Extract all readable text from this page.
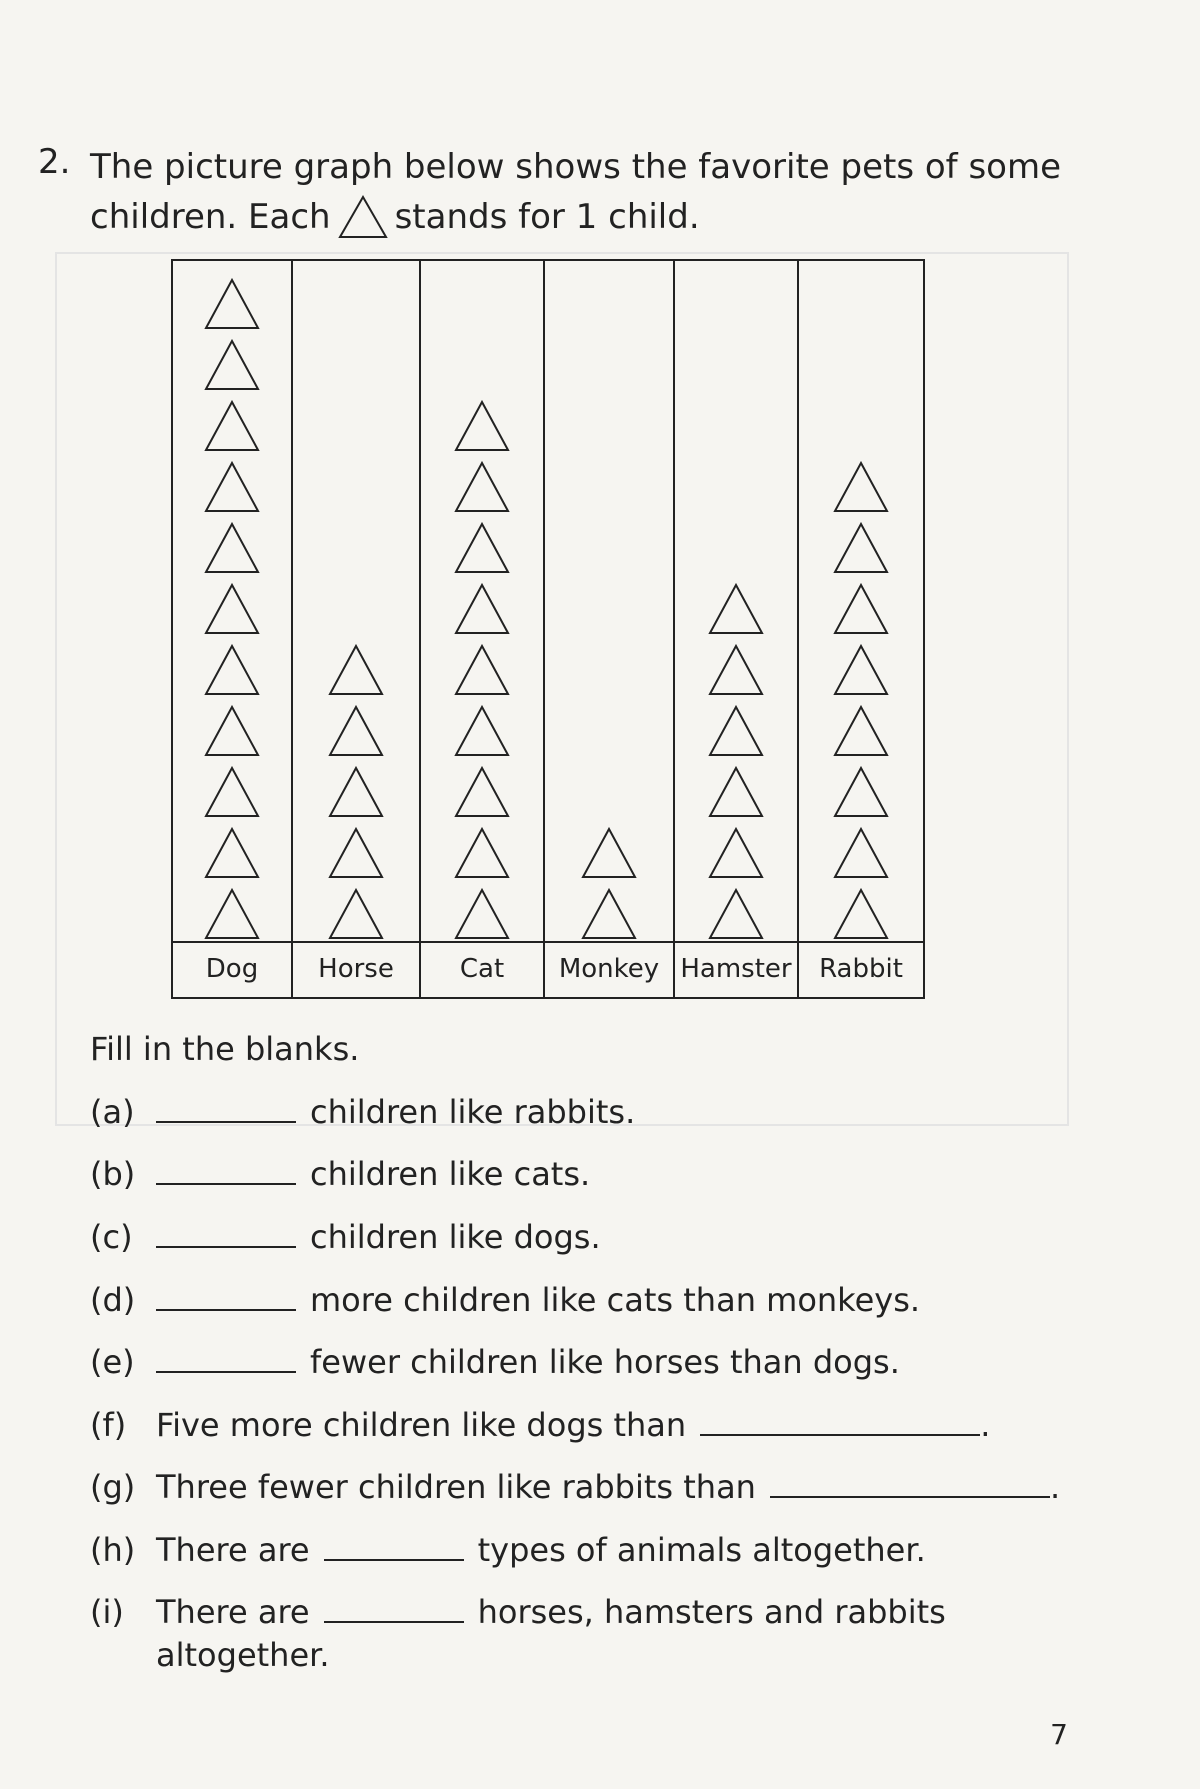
2. The picture graph below shows the favorite pets of some
children. Each stands for 1 child.
Dog	Horse	Cat	Monkey Hamster	Rabbit
Fill in the blanks.
(a)	children like rabbits.
(b)	children like cats.
(c)	children like dogs.
(d)	more children like cats than monkeys.
(e)	fewer children like horses than dogs.
(f) Five more children like dogs than	.
(g) Three fewer children like rabbits than	.
(h) There are	types of animals altogether.
(i)	There are	horses, hamsters and rabbits
altogether.
7
